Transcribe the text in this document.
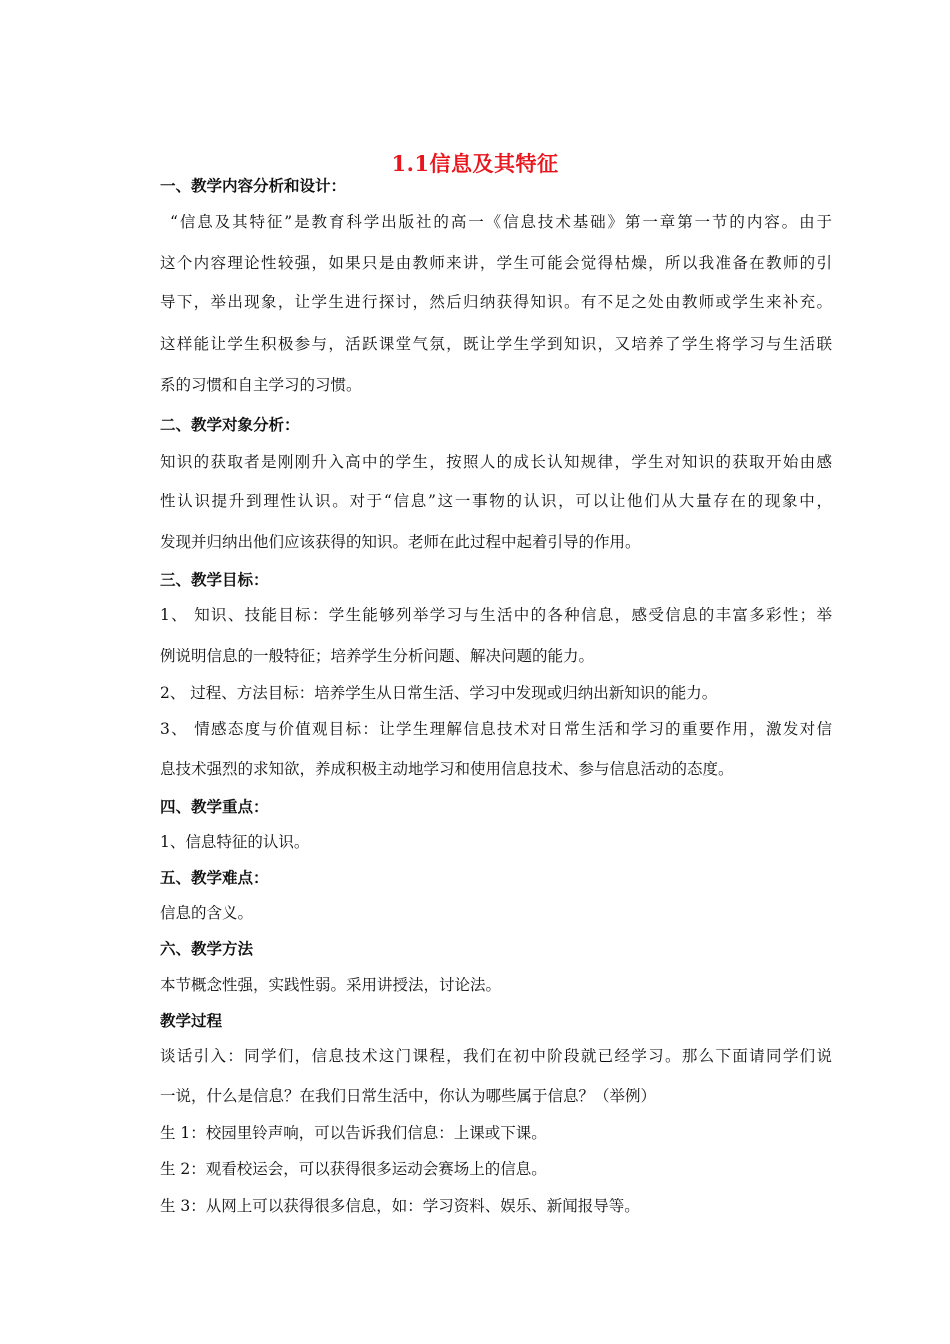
1.1信息及其特征
一、教学内容分析和设计：
“信息及其特征”是教育科学出版社的高一《信息技术基础》第一章第一节的内容。由于
这个内容理论性较强，如果只是由教师来讲，学生可能会觉得枯燥，所以我准备在教师的引
导下，举出现象，让学生进行探讨，然后归纳获得知识。有不足之处由教师或学生来补充。
这样能让学生积极参与，活跃课堂气氛，既让学生学到知识，又培养了学生将学习与生活联
系的习惯和自主学习的习惯。
二、教学对象分析：
知识的获取者是刚刚升入高中的学生，按照人的成长认知规律，学生对知识的获取开始由感
性认识提升到理性认识。对于“信息”这一事物的认识，可以让他们从大量存在的现象中，
发现并归纳出他们应该获得的知识。老师在此过程中起着引导的作用。
三、教学目标：
1、 知识、技能目标：学生能够列举学习与生活中的各种信息，感受信息的丰富多彩性；举
例说明信息的一般特征；培养学生分析问题、解决问题的能力。
2、 过程、方法目标：培养学生从日常生活、学习中发现或归纳出新知识的能力。
3、 情感态度与价值观目标：让学生理解信息技术对日常生活和学习的重要作用，激发对信
息技术强烈的求知欲，养成积极主动地学习和使用信息技术、参与信息活动的态度。
四、教学重点：
1、信息特征的认识。
五、教学难点：
信息的含义。
六、教学方法
本节概念性强，实践性弱。采用讲授法，讨论法。
教学过程
谈话引入：同学们，信息技术这门课程，我们在初中阶段就已经学习。那么下面请同学们说
一说，什么是信息？在我们日常生活中，你认为哪些属于信息？（举例）
生 1：校园里铃声响，可以告诉我们信息：上课或下课。
生 2：观看校运会，可以获得很多运动会赛场上的信息。
生 3：从网上可以获得很多信息，如：学习资料、娱乐、新闻报导等。
